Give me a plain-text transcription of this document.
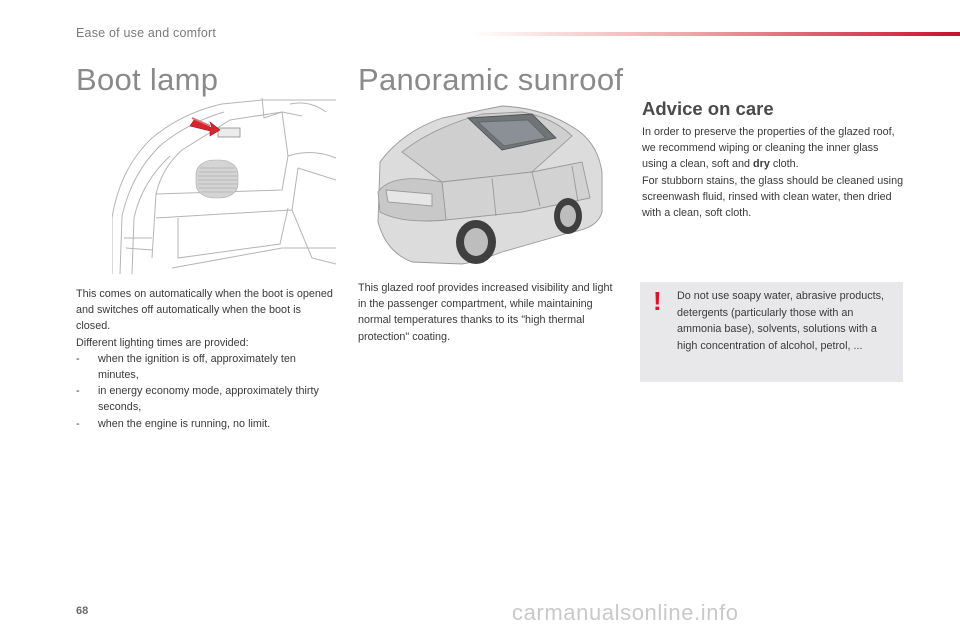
Ease of use and comfort
Boot lamp	Panoramic sunroof

This comes on automatically when the boot is opened and switches off automatically when the boot is closed.

Different lighting times are provided:

- when the ignition is off, approximately ten minutes,
- in energy economy mode, approximately thirty seconds,
- when the engine is running, no limit.

This glazed roof provides increased visibility and light in the passenger compartment, while maintaining normal temperatures thanks to its "high thermal protection" coating.

Advice on care

In order to preserve the properties of the glazed roof, we recommend wiping or cleaning the inner glass using a clean, soft and dry cloth.

For stubborn stains, the glass should be cleaned using screenwash fluid, rinsed with clean water, then dried with a clean, soft cloth.

! Do not use soapy water, abrasive products, detergents (particularly those with an ammonia base), solvents, solutions with a high concentration of alcohol, petrol, ...
68	carmanualsonline.info
